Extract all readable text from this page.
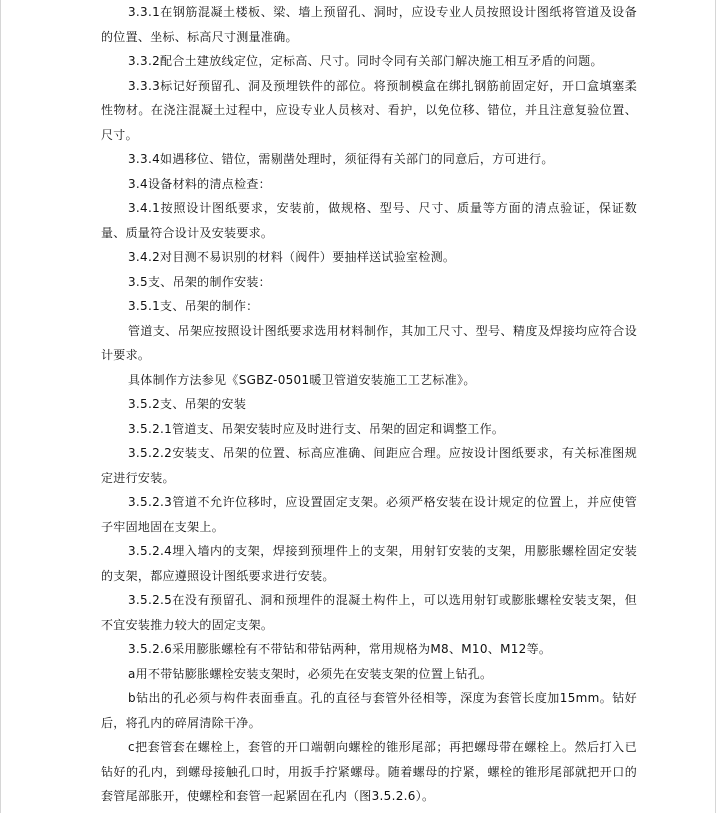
3.3.1在钢筋混凝土楼板、梁、墙上预留孔、洞时，应设专业人员按照设计图纸将管道及设备的位置、坐标、标高尺寸测量准确。

3.3.2配合土建放线定位，定标高、尺寸。同时令同有关部门解决施工相互矛盾的问题。

3.3.3标记好预留孔、洞及预埋铁件的部位。将预制模盒在绑扎钢筋前固定好，开口盒填塞柔性物材。在浇注混凝土过程中，应设专业人员核对、看护，以免位移、错位，并且注意复验位置、尺寸。

3.3.4如遇移位、错位，需剔凿处理时，须征得有关部门的同意后，方可进行。

3.4设备材料的清点检查：

3.4.1按照设计图纸要求，安装前，做规格、型号、尺寸、质量等方面的清点验证，保证数量、质量符合设计及安装要求。

3.4.2对目测不易识别的材料（阀件）要抽样送试验室检测。

3.5支、吊架的制作安装：

3.5.1支、吊架的制作：

管道支、吊架应按照设计图纸要求选用材料制作，其加工尺寸、型号、精度及焊接均应符合设计要求。

具体制作方法参见《SGBZ-0501暖卫管道安装施工工艺标准》。

3.5.2支、吊架的安装

3.5.2.1管道支、吊架安装时应及时进行支、吊架的固定和调整工作。

3.5.2.2安装支、吊架的位置、标高应准确、间距应合理。应按设计图纸要求，有关标准图规定进行安装。

3.5.2.3管道不允许位移时，应设置固定支架。必须严格安装在设计规定的位置上，并应使管子牢固地固在支架上。

3.5.2.4埋入墙内的支架，焊接到预埋件上的支架，用射钉安装的支架，用膨胀螺栓固定安装的支架，都应遵照设计图纸要求进行安装。

3.5.2.5在没有预留孔、洞和预埋件的混凝土构件上，可以选用射钉或膨胀螺栓安装支架，但不宜安装推力较大的固定支架。

3.5.2.6采用膨胀螺栓有不带钻和带钻两种，常用规格为M8、M10、M12等。

a用不带钻膨胀螺栓安装支架时，必须先在安装支架的位置上钻孔。

b钻出的孔必须与构件表面垂直。孔的直径与套管外径相等，深度为套管长度加15mm。钻好后，将孔内的碎屑清除干净。

c把套管套在螺栓上，套管的开口端朝向螺栓的锥形尾部；再把螺母带在螺栓上。然后打入已钻好的孔内，到螺母接触孔口时，用扳手拧紧螺母。随着螺母的拧紧，螺栓的锥形尾部就把开口的套管尾部胀开，使螺栓和套管一起紧固在孔内（图3.5.2.6）。
